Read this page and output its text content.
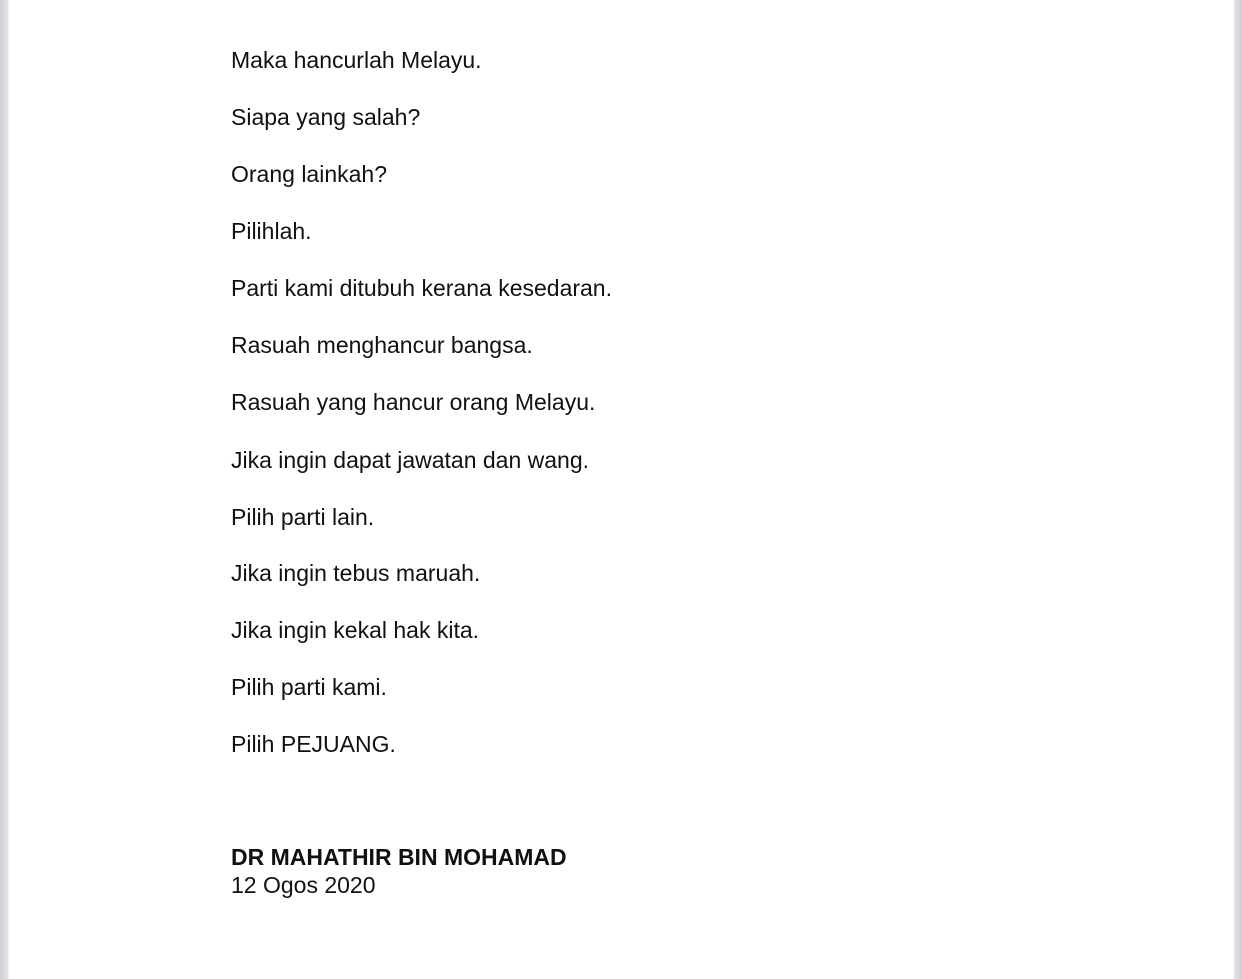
Maka hancurlah Melayu.
Siapa yang salah?
Orang lainkah?
Pilihlah.
Parti kami ditubuh kerana kesedaran.
Rasuah menghancur bangsa.
Rasuah yang hancur orang Melayu.
Jika ingin dapat jawatan dan wang.
Pilih parti lain.
Jika ingin tebus maruah.
Jika ingin kekal hak kita.
Pilih parti kami.
Pilih PEJUANG.
DR MAHATHIR BIN MOHAMAD
12 Ogos 2020
